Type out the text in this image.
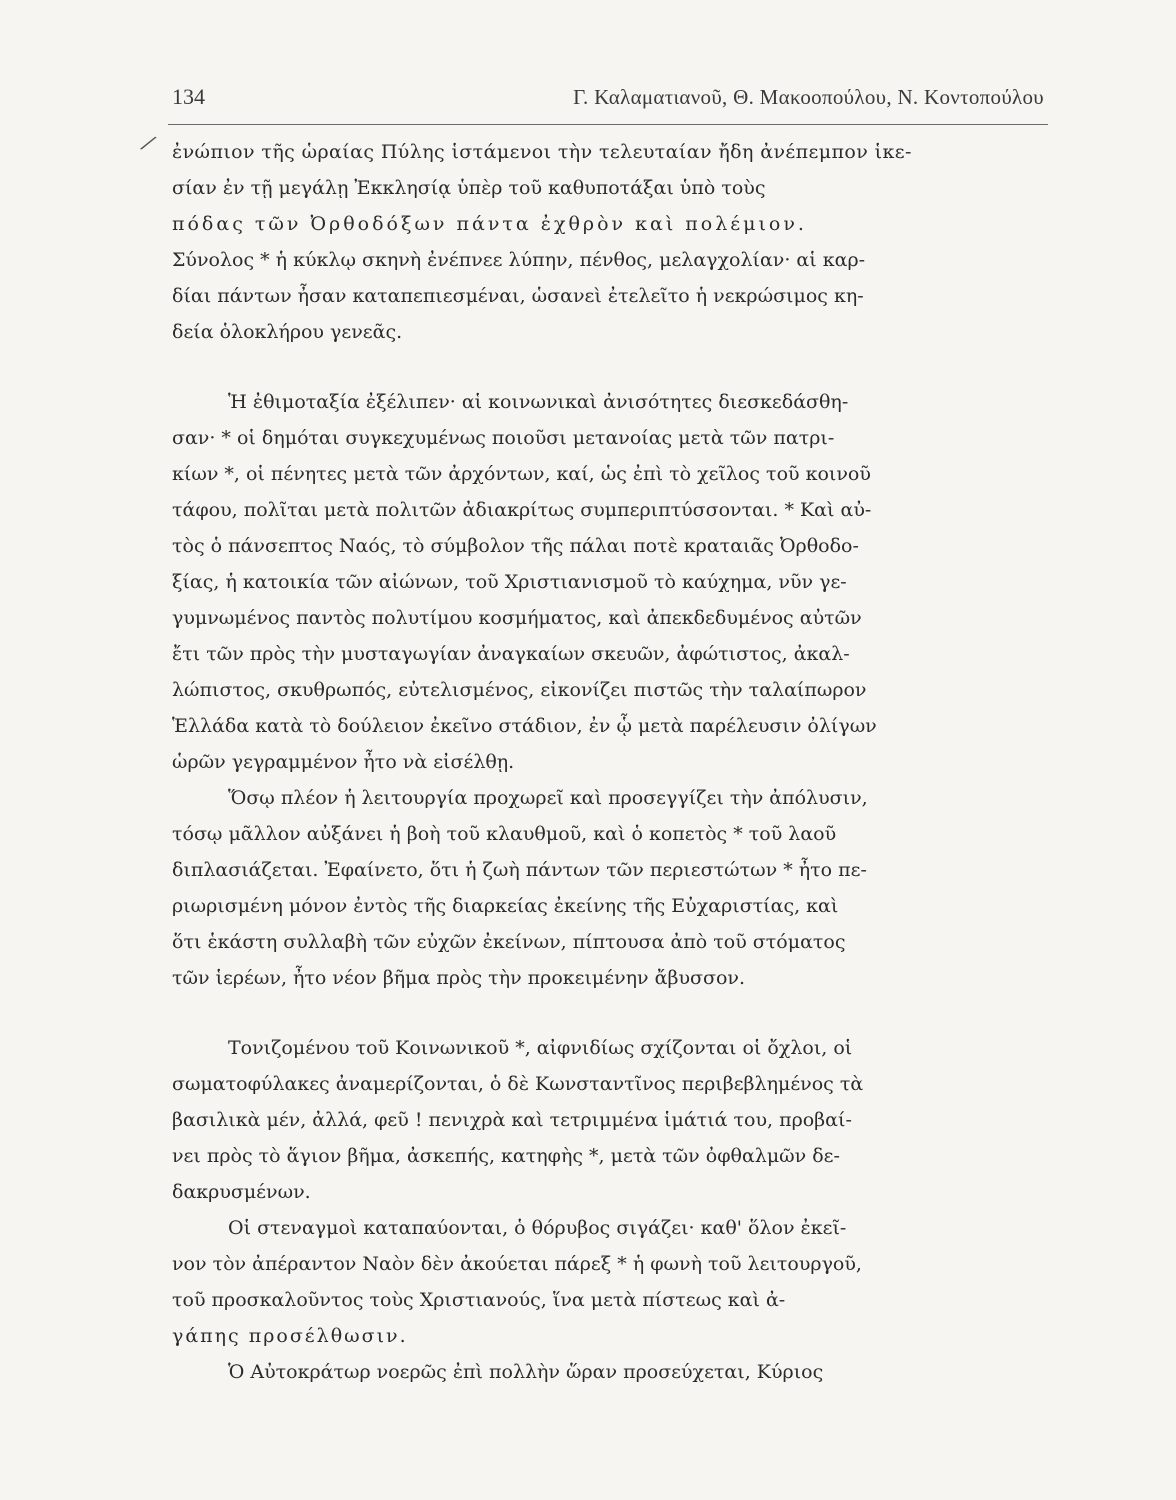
134	Γ. Καλαματιανοῦ, Θ. Μακοοπούλου, Ν. Κοντοπούλου
⁄ ἐνώπιον τῆς ὡραίας Πύλης ἱστάμενοι τὴν τελευταίαν ἤδη ἀνέπεμπον ἱκε-
σίαν ἐν τῇ μεγάλῃ Ἐκκλησίᾳ ὑπὲρ τοῦ καθυποτάξαι ὑπὸ τοὺς
πόδας τῶν Ὀρθοδόξων πάντα ἐχθρὸν καὶ πολέμιον.
Σύνολος * ἡ κύκλῳ σκηνὴ ἐνέπνεε λύπην, πένθος, μελαγχολίαν· αἱ καρ-
δίαι πάντων ἦσαν καταπεπιεσμέναι, ὡσανεὶ ἐτελεῖτο ἡ νεκρώσιμος κη-
δεία ὁλοκλήρου γενεᾶς.
Ἡ ἐθιμοταξία ἐξέλιπεν· αἱ κοινωνικαὶ ἀνισότητες διεσκεδάσθη-
σαν· * οἱ δημόται συγκεχυμένως ποιοῦσι μετανοίας μετὰ τῶν πατρι-
κίων *, οἱ πένητες μετὰ τῶν ἀρχόντων, καί, ὡς ἐπὶ τὸ χεῖλος τοῦ κοινοῦ
τάφου, πολῖται μετὰ πολιτῶν ἀδιακρίτως συμπεριπτύσσονται. * Καὶ αὐ-
τὸς ὁ πάνσεπτος Ναός, τὸ σύμβολον τῆς πάλαι ποτὲ κραταιᾶς Ὀρθοδο-
ξίας, ἡ κατοικία τῶν αἰώνων, τοῦ Χριστιανισμοῦ τὸ καύχημα, νῦν γε-
γυμνωμένος παντὸς πολυτίμου κοσμήματος, καὶ ἀπεκδεδυμένος αὐτῶν
ἔτι τῶν πρὸς τὴν μυσταγωγίαν ἀναγκαίων σκευῶν, ἀφώτιστος, ἀκαλ-
λώπιστος, σκυθρωπός, εὐτελισμένος, εἰκονίζει πιστῶς τὴν ταλαίπωρον
Ἑλλάδα κατὰ τὸ δούλειον ἐκεῖνο στάδιον, ἐν ᾧ μετὰ παρέλευσιν ὀλίγων
ὡρῶν γεγραμμένον ἦτο νὰ εἰσέλθῃ.
Ὅσῳ πλέον ἡ λειτουργία προχωρεῖ καὶ προσεγγίζει τὴν ἀπόλυσιν,
τόσῳ μᾶλλον αὐξάνει ἡ βοὴ τοῦ κλαυθμοῦ, καὶ ὁ κοπετὸς * τοῦ λαοῦ
διπλασιάζεται. Ἐφαίνετο, ὅτι ἡ ζωὴ πάντων τῶν περιεστώτων * ἦτο πε-
ριωρισμένη μόνον ἐντὸς τῆς διαρκείας ἐκείνης τῆς Εὐχαριστίας, καὶ
ὅτι ἑκάστη συλλαβὴ τῶν εὐχῶν ἐκείνων, πίπτουσα ἀπὸ τοῦ στόματος
τῶν ἱερέων, ἦτο νέον βῆμα πρὸς τὴν προκειμένην ἄβυσσον.
Τονιζομένου τοῦ Κοινωνικοῦ *, αἰφνιδίως σχίζονται οἱ ὄχλοι, οἱ
σωματοφύλακες ἀναμερίζονται, ὁ δὲ Κωνσταντῖνος περιβεβλημένος τὰ
βασιλικὰ μέν, ἀλλά, φεῦ ! πενιχρὰ καὶ τετριμμένα ἱμάτιά του, προβαί-
νει πρὸς τὸ ἅγιον βῆμα, ἀσκεπής, κατηφὴς *, μετὰ τῶν ὀφθαλμῶν δε-
δακρυσμένων.
Οἱ στεναγμοὶ καταπαύονται, ὁ θόρυβος σιγάζει· καθ' ὅλον ἐκεῖ-
νον τὸν ἀπέραντον Ναὸν δὲν ἀκούεται πάρεξ * ἡ φωνὴ τοῦ λειτουργοῦ,
τοῦ προσκαλοῦντος τοὺς Χριστιανούς, ἵνα μετὰ πίστεως καὶ ἀ-
γάπης προσέλθωσιν.
Ὁ Αὐτοκράτωρ νοερῶς ἐπὶ πολλὴν ὥραν προσεύχεται, Κύριος
